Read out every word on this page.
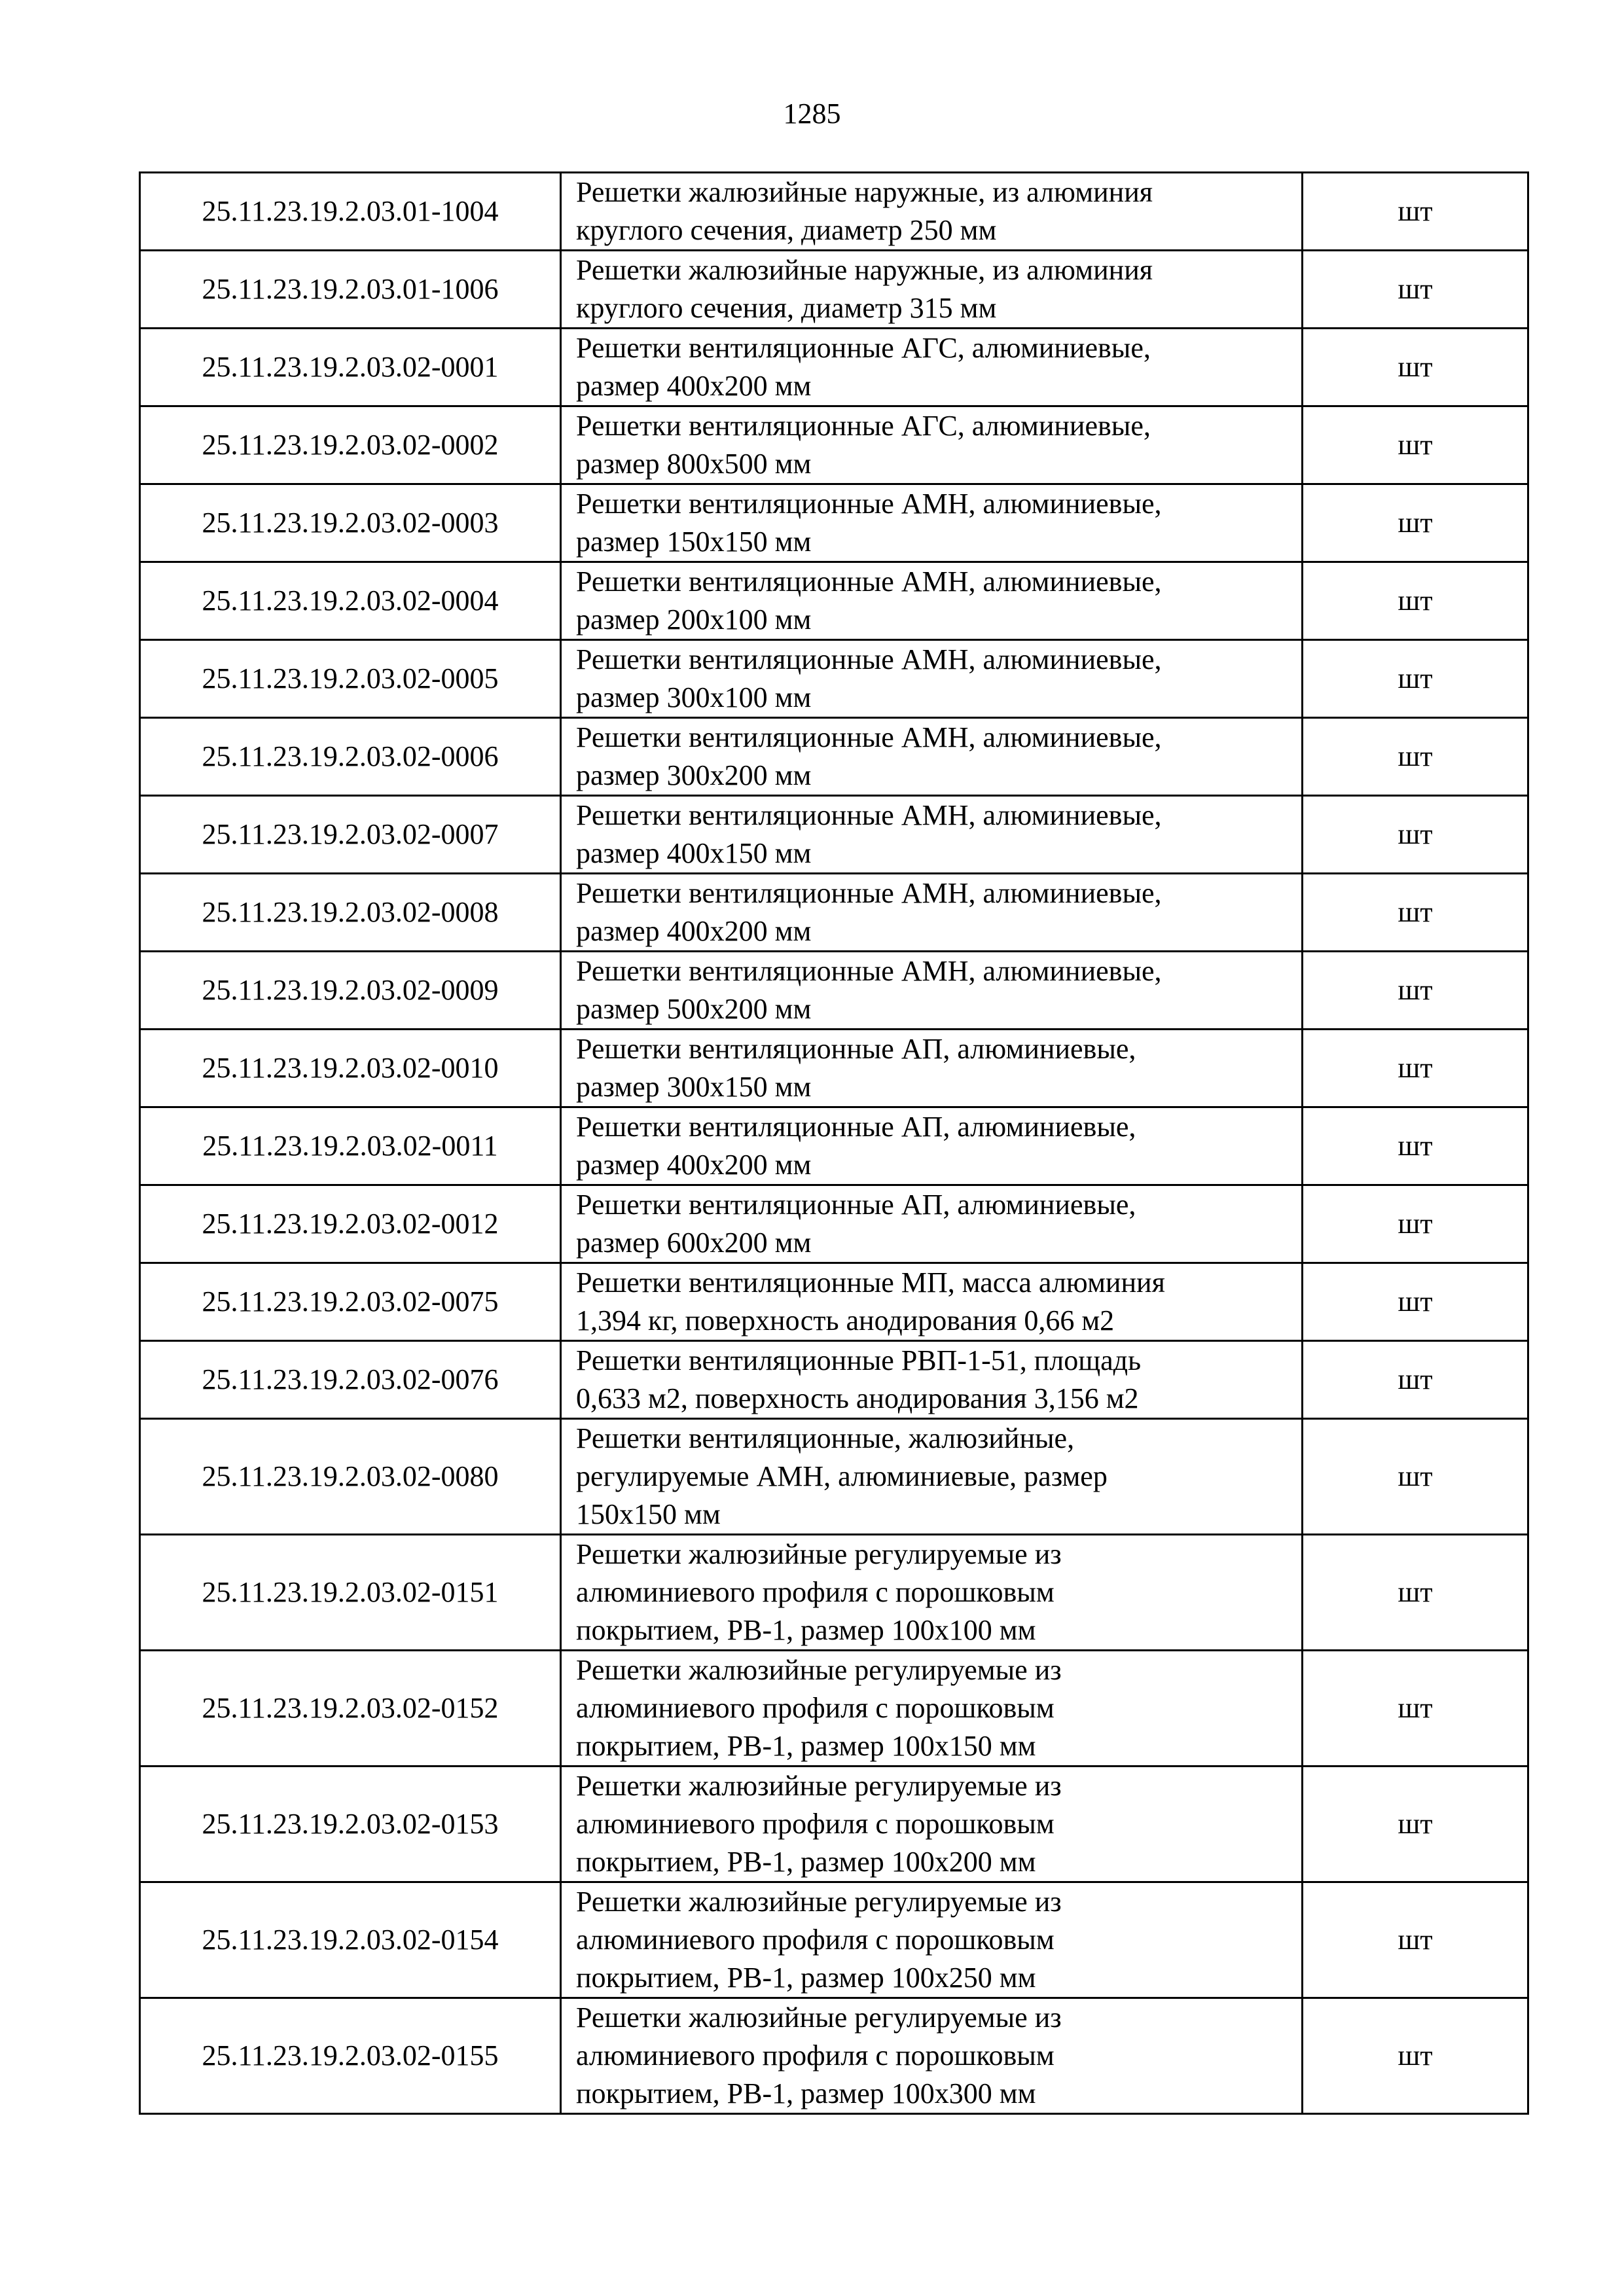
1285
25.11.23.19.2.03.01-1004	Решетки жалюзийные наружные, из алюминия
круглого сечения, диаметр 250 мм	шт
25.11.23.19.2.03.01-1006	Решетки жалюзийные наружные, из алюминия
круглого сечения, диаметр 315 мм	шт
25.11.23.19.2.03.02-0001	Решетки вентиляционные АГС, алюминиевые,
размер 400х200 мм	шт
25.11.23.19.2.03.02-0002	Решетки вентиляционные АГС, алюминиевые,
размер 800х500 мм	шт
25.11.23.19.2.03.02-0003	Решетки вентиляционные АМН, алюминиевые,
размер 150х150 мм	шт
25.11.23.19.2.03.02-0004	Решетки вентиляционные АМН, алюминиевые,
размер 200х100 мм	шт
25.11.23.19.2.03.02-0005	Решетки вентиляционные АМН, алюминиевые,
размер 300х100 мм	шт
25.11.23.19.2.03.02-0006	Решетки вентиляционные АМН, алюминиевые,
размер 300х200 мм	шт
25.11.23.19.2.03.02-0007	Решетки вентиляционные АМН, алюминиевые,
размер 400х150 мм	шт
25.11.23.19.2.03.02-0008	Решетки вентиляционные АМН, алюминиевые,
размер 400х200 мм	шт
25.11.23.19.2.03.02-0009	Решетки вентиляционные АМН, алюминиевые,
размер 500х200 мм	шт
25.11.23.19.2.03.02-0010	Решетки вентиляционные АП, алюминиевые,
размер 300х150 мм	шт
25.11.23.19.2.03.02-0011	Решетки вентиляционные АП, алюминиевые,
размер 400х200 мм	шт
25.11.23.19.2.03.02-0012	Решетки вентиляционные АП, алюминиевые,
размер 600х200 мм	шт
25.11.23.19.2.03.02-0075	Решетки вентиляционные МП, масса алюминия
1,394 кг, поверхность анодирования 0,66 м2	шт
25.11.23.19.2.03.02-0076	Решетки вентиляционные РВП-1-51, площадь
0,633 м2, поверхность анодирования 3,156 м2	шт
25.11.23.19.2.03.02-0080	Решетки вентиляционные, жалюзийные,
регулируемые АМН, алюминиевые, размер
150х150 мм	шт
25.11.23.19.2.03.02-0151	Решетки жалюзийные регулируемые из
алюминиевого профиля с порошковым
покрытием, РВ-1, размер 100х100 мм	шт
25.11.23.19.2.03.02-0152	Решетки жалюзийные регулируемые из
алюминиевого профиля с порошковым
покрытием, РВ-1, размер 100х150 мм	шт
25.11.23.19.2.03.02-0153	Решетки жалюзийные регулируемые из
алюминиевого профиля с порошковым
покрытием, РВ-1, размер 100х200 мм	шт
25.11.23.19.2.03.02-0154	Решетки жалюзийные регулируемые из
алюминиевого профиля с порошковым
покрытием, РВ-1, размер 100х250 мм	шт
25.11.23.19.2.03.02-0155	Решетки жалюзийные регулируемые из
алюминиевого профиля с порошковым
покрытием, РВ-1, размер 100х300 мм	шт
